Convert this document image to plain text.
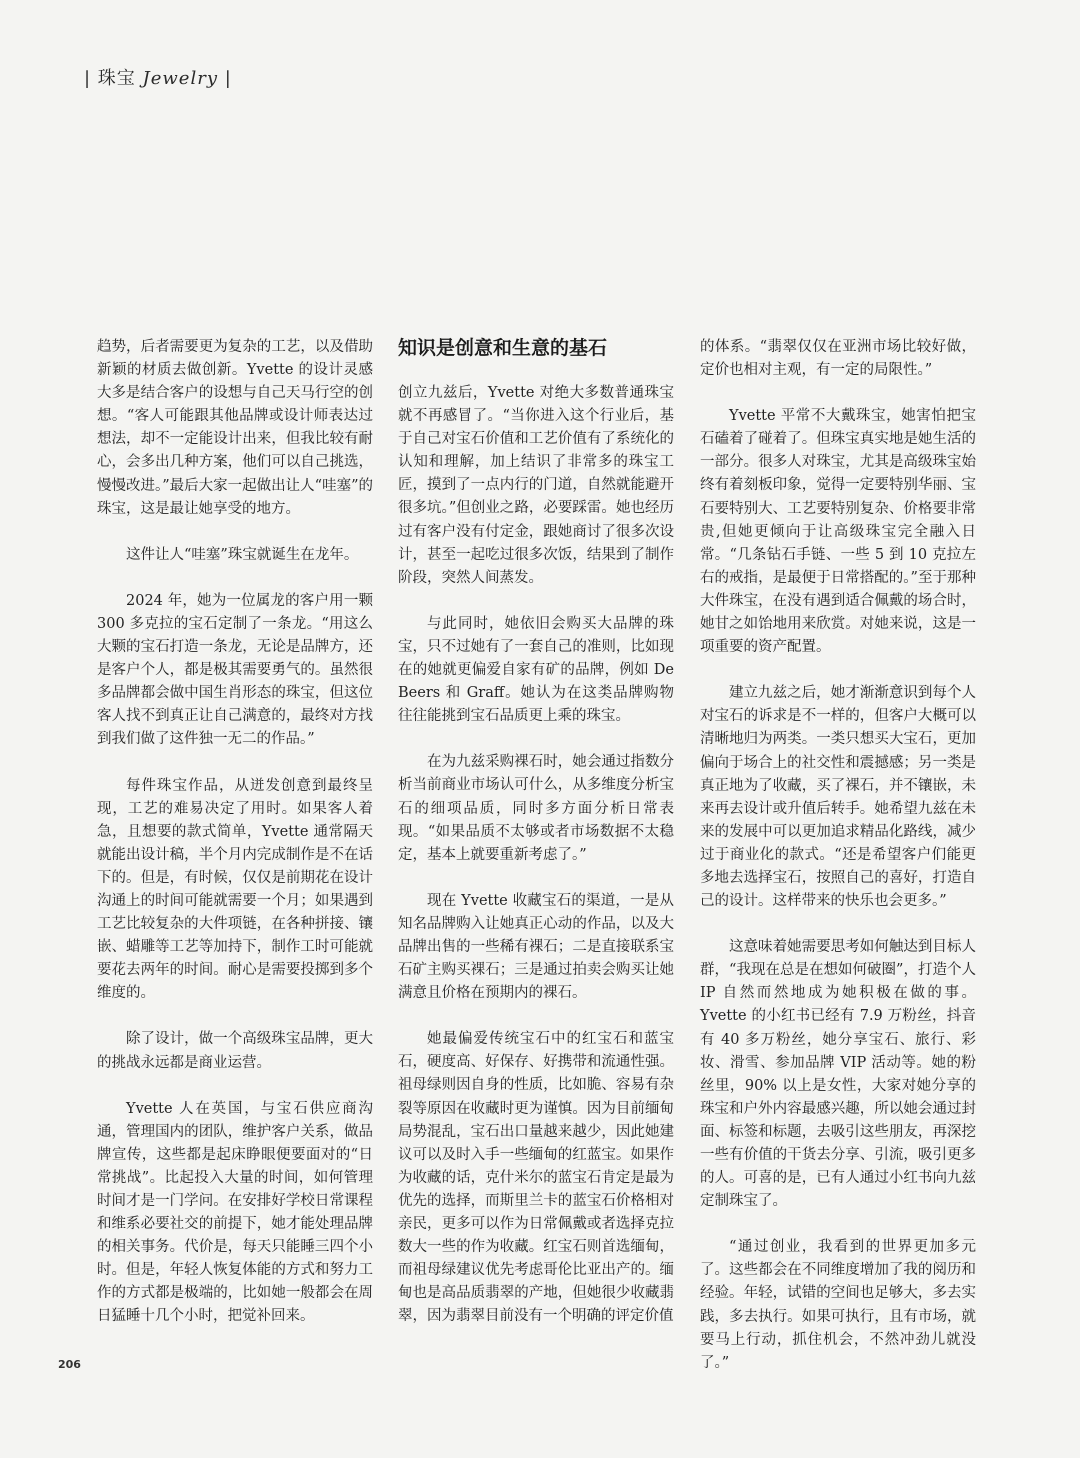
| 珠宝 Jewelry |

趋势，后者需要更为复杂的工艺，以及借助新颖的材质去做创新。Yvette 的设计灵感大多是结合客户的设想与自己天马行空的创想。“客人可能跟其他品牌或设计师表达过想法，却不一定能设计出来，但我比较有耐心，会多出几种方案，他们可以自己挑选，慢慢改进。”最后大家一起做出让人“哇塞”的珠宝，这是最让她享受的地方。

这件让人“哇塞”珠宝就诞生在龙年。

2024 年，她为一位属龙的客户用一颗 300 多克拉的宝石定制了一条龙。“用这么大颗的宝石打造一条龙，无论是品牌方，还是客户个人，都是极其需要勇气的。虽然很多品牌都会做中国生肖形态的珠宝，但这位客人找不到真正让自己满意的，最终对方找到我们做了这件独一无二的作品。”

每件珠宝作品，从迸发创意到最终呈现，工艺的难易决定了用时。如果客人着急，且想要的款式简单，Yvette 通常隔天就能出设计稿，半个月内完成制作是不在话下的。但是，有时候，仅仅是前期花在设计沟通上的时间可能就需要一个月；如果遇到工艺比较复杂的大件项链，在各种拼接、镶嵌、蜡雕等工艺等加持下，制作工时可能就要花去两年的时间。耐心是需要投掷到多个维度的。

除了设计，做一个高级珠宝品牌，更大的挑战永远都是商业运营。

Yvette 人在英国，与宝石供应商沟通，管理国内的团队，维护客户关系，做品牌宣传，这些都是起床睁眼便要面对的“日常挑战”。比起投入大量的时间，如何管理时间才是一门学问。在安排好学校日常课程和维系必要社交的前提下，她才能处理品牌的相关事务。代价是，每天只能睡三四个小时。但是，年轻人恢复体能的方式和努力工作的方式都是极端的，比如她一般都会在周日猛睡十几个小时，把觉补回来。

知识是创意和生意的基石

创立九兹后，Yvette 对绝大多数普通珠宝就不再感冒了。“当你进入这个行业后，基于自己对宝石价值和工艺价值有了系统化的认知和理解，加上结识了非常多的珠宝工匠，摸到了一点内行的门道，自然就能避开很多坑。”但创业之路，必要踩雷。她也经历过有客户没有付定金，跟她商讨了很多次设计，甚至一起吃过很多次饭，结果到了制作阶段，突然人间蒸发。

与此同时，她依旧会购买大品牌的珠宝，只不过她有了一套自己的准则，比如现在的她就更偏爱自家有矿的品牌，例如 De Beers 和 Graff。她认为在这类品牌购物往往能挑到宝石品质更上乘的珠宝。

在为九兹采购裸石时，她会通过指数分析当前商业市场认可什么，从多维度分析宝石的细项品质，同时多方面分析日常表现。“如果品质不太够或者市场数据不太稳定，基本上就要重新考虑了。”

现在 Yvette 收藏宝石的渠道，一是从知名品牌购入让她真正心动的作品，以及大品牌出售的一些稀有裸石；二是直接联系宝石矿主购买裸石；三是通过拍卖会购买让她满意且价格在预期内的裸石。

她最偏爱传统宝石中的红宝石和蓝宝石，硬度高、好保存、好携带和流通性强。祖母绿则因自身的性质，比如脆、容易有杂裂等原因在收藏时更为谨慎。因为目前缅甸局势混乱，宝石出口量越来越少，因此她建议可以及时入手一些缅甸的红蓝宝。如果作为收藏的话，克什米尔的蓝宝石肯定是最为优先的选择，而斯里兰卡的蓝宝石价格相对亲民，更多可以作为日常佩戴或者选择克拉数大一些的作为收藏。红宝石则首选缅甸，而祖母绿建议优先考虑哥伦比亚出产的。缅甸也是高品质翡翠的产地，但她很少收藏翡翠，因为翡翠目前没有一个明确的评定价值

的体系。“翡翠仅仅在亚洲市场比较好做，定价也相对主观，有一定的局限性。”

Yvette 平常不大戴珠宝，她害怕把宝石磕着了碰着了。但珠宝真实地是她生活的一部分。很多人对珠宝，尤其是高级珠宝始终有着刻板印象，觉得一定要特别华丽、宝石要特别大、工艺要特别复杂、价格要非常贵,但她更倾向于让高级珠宝完全融入日常。“几条钻石手链、一些 5 到 10 克拉左右的戒指，是最便于日常搭配的。”至于那种大件珠宝，在没有遇到适合佩戴的场合时，她甘之如饴地用来欣赏。对她来说，这是一项重要的资产配置。

建立九兹之后，她才渐渐意识到每个人对宝石的诉求是不一样的，但客户大概可以清晰地归为两类。一类只想买大宝石，更加偏向于场合上的社交性和震撼感；另一类是真正地为了收藏，买了裸石，并不镶嵌，未来再去设计或升值后转手。她希望九兹在未来的发展中可以更加追求精品化路线，减少过于商业化的款式。“还是希望客户们能更多地去选择宝石，按照自己的喜好，打造自己的设计。这样带来的快乐也会更多。”

这意味着她需要思考如何触达到目标人群，“我现在总是在想如何破圈”，打造个人 IP 自然而然地成为她积极在做的事。Yvette 的小红书已经有 7.9 万粉丝，抖音有 40 多万粉丝，她分享宝石、旅行、彩妆、滑雪、参加品牌 VIP 活动等。她的粉丝里，90% 以上是女性，大家对她分享的珠宝和户外内容最感兴趣，所以她会通过封面、标签和标题，去吸引这些朋友，再深挖一些有价值的干货去分享、引流，吸引更多的人。可喜的是，已有人通过小红书向九兹定制珠宝了。

“通过创业，我看到的世界更加多元了。这些都会在不同维度增加了我的阅历和经验。年轻，试错的空间也足够大，多去实践，多去执行。如果可执行，且有市场，就要马上行动，抓住机会，不然冲劲儿就没了。”

206
